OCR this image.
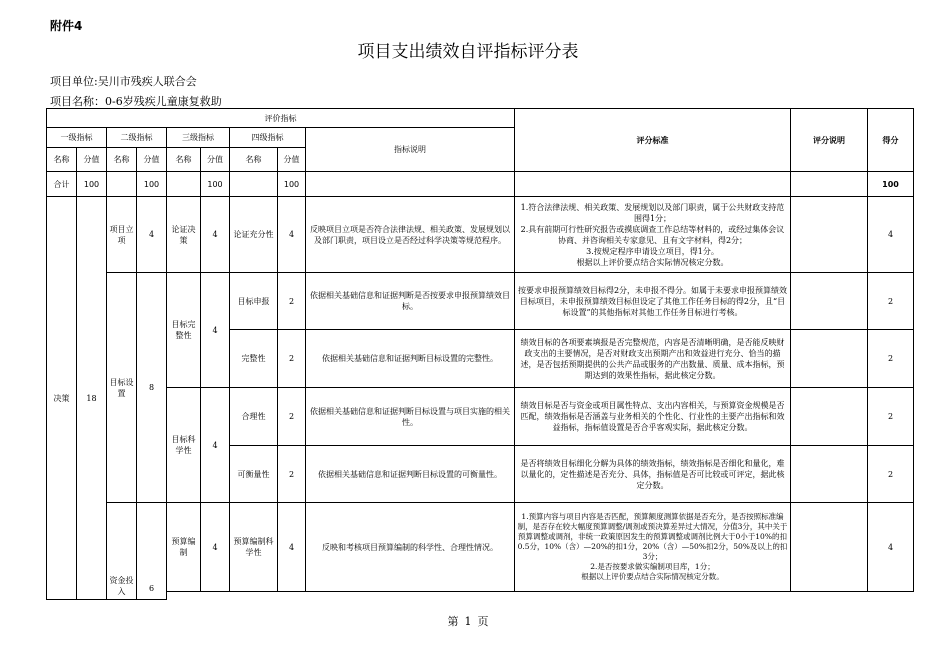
附件4
项目支出绩效自评指标评分表
项目单位:吴川市残疾人联合会
项目名称：0-6岁残疾儿童康复救助
评价指标									评分标准	评分说明	得分
一级指标		二级指标		三级指标		四级指标		指标说明			
名称	分值	名称	分值	名称	分值	名称	分值				
合计	100		100		100		100				100
决策	18	项目立项	4	论证决策	4	论证充分性	4	反映项目立项是否符合法律法规、相关政策、发展规划以及部门职责，项目设立是否经过科学决策等规范程序。	1.符合法律法规、相关政策、发展规划以及部门职责，属于公共财政支持范围得1分；
2.具有前期可行性研究报告或摸底调查工作总结等材料的，或经过集体会议协商、并咨询相关专家意见、且有文字材料，得2分；
3.按规定程序申请设立项目，得1分。
根据以上评价要点结合实际情况核定分数。		4
		目标设置	8	目标完整性	4	目标申报	2	依据相关基础信息和证据判断是否按要求申报预算绩效目标。	按要求申报预算绩效目标得2分，未申报不得分。如属于未要求申报预算绩效目标项目，未申报预算绩效目标但设定了其他工作任务目标的得2分，且“目标设置”的其他指标对其他工作任务目标进行考核。		2
						完整性	2	依据相关基础信息和证据判断目标设置的完整性。	绩效目标的各项要素填报是否完整规范，内容是否清晰明确，是否能反映财政支出的主要情况，是否对财政支出预期产出和效益进行充分、恰当的描述，是否包括预期提供的公共产品或服务的产出数量、质量、成本指标，预期达到的效果性指标，据此核定分数。		2
				目标科学性	4	合理性	2	依据相关基础信息和证据判断目标设置与项目实施的相关性。	绩效目标是否与资金或项目属性特点、支出内容相关，与预算资金规模是否匹配，绩效指标是否涵盖与业务相关的个性化、行业性的主要产出指标和效益指标，指标值设置是否合乎客观实际，据此核定分数。		2
						可衡量性	2	依据相关基础信息和证据判断目标设置的可衡量性。	是否将绩效目标细化分解为具体的绩效指标，绩效指标是否细化和量化，难以量化的，定性描述是否充分、具体，指标值是否可比较或可评定，据此核定分数。		2
		资金投入	6	预算编制	4	预算编制科学性	4	反映和考核项目预算编制的科学性、合理性情况。	1.预算内容与项目内容是否匹配，预算额度测算依据是否充分，是否按照标准编制，是否存在较大幅度预算调整/调剂或预决算差异过大情况，分值3分，其中关于预算调整或调剂，非统一政策原因发生的预算调整或调剂比例大于0小于10%的扣0.5分，10%（含）—20%的扣1分，20%（含）—50%扣2分，50%及以上的扣3分；
2.是否按要求做实编制项目库，1分；
根据以上评价要点结合实际情况核定分数。		4

第 1 页
